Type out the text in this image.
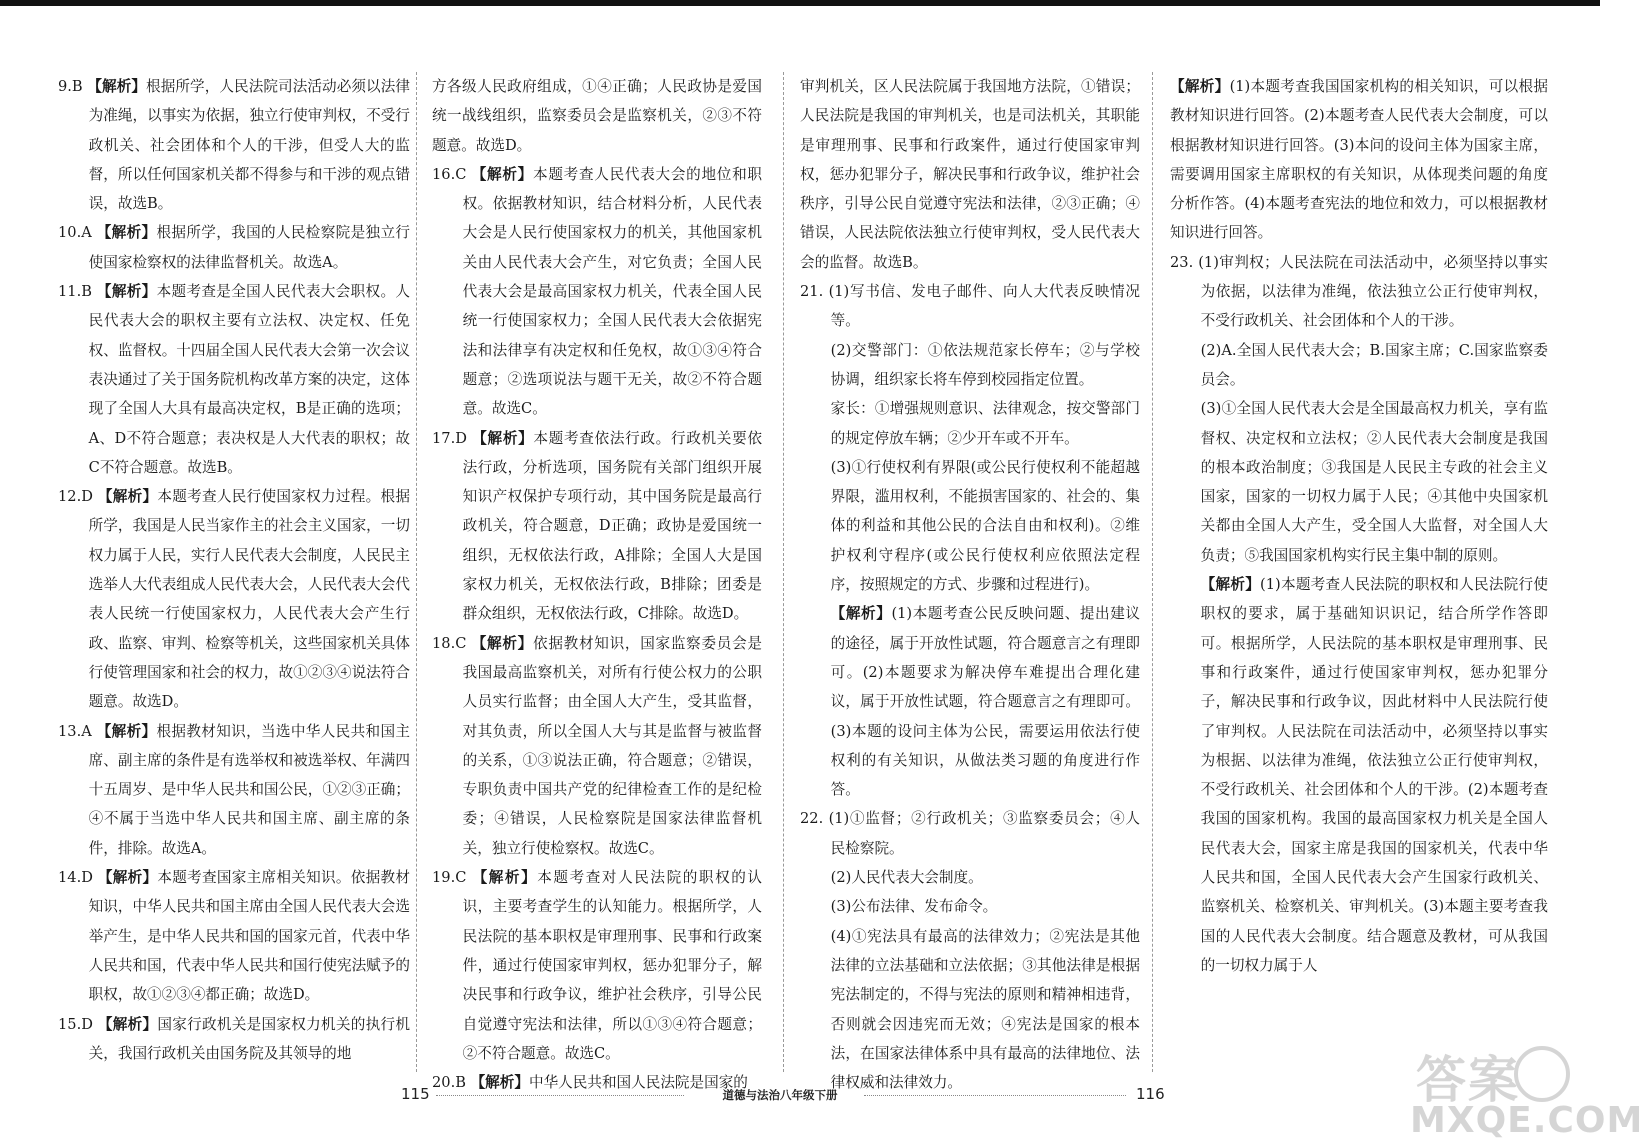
9.B 【解析】根据所学，人民法院司法活动必须以法律为准绳，以事实为依据，独立行使审判权，不受行政机关、社会团体和个人的干涉，但受人大的监督，所以任何国家机关都不得参与和干涉的观点错误，故选B。

10.A 【解析】根据所学，我国的人民检察院是独立行使国家检察权的法律监督机关。故选A。

11.B 【解析】本题考查是全国人民代表大会职权。人民代表大会的职权主要有立法权、决定权、任免权、监督权。十四届全国人民代表大会第一次会议表决通过了关于国务院机构改革方案的决定，这体现了全国人大具有最高决定权，B是正确的选项；A、D不符合题意；表决权是人大代表的职权；故C不符合题意。故选B。

12.D 【解析】本题考查人民行使国家权力过程。根据所学，我国是人民当家作主的社会主义国家，一切权力属于人民，实行人民代表大会制度，人民民主选举人大代表组成人民代表大会，人民代表大会代表人民统一行使国家权力，人民代表大会产生行政、监察、审判、检察等机关，这些国家机关具体行使管理国家和社会的权力，故①②③④说法符合题意。故选D。

13.A 【解析】根据教材知识，当选中华人民共和国主席、副主席的条件是有选举权和被选举权、年满四十五周岁、是中华人民共和国公民，①②③正确；④不属于当选中华人民共和国主席、副主席的条件，排除。故选A。

14.D 【解析】本题考查国家主席相关知识。依据教材知识，中华人民共和国主席由全国人民代表大会选举产生，是中华人民共和国的国家元首，代表中华人民共和国，代表中华人民共和国行使宪法赋予的职权，故①②③④都正确；故选D。

15.D 【解析】国家行政机关是国家权力机关的执行机关，我国行政机关由国务院及其领导的地

方各级人民政府组成，①④正确；人民政协是爱国统一战线组织，监察委员会是监察机关，②③不符题意。故选D。

16.C 【解析】本题考查人民代表大会的地位和职权。依据教材知识，结合材料分析，人民代表大会是人民行使国家权力的机关，其他国家机关由人民代表大会产生，对它负责；全国人民代表大会是最高国家权力机关，代表全国人民统一行使国家权力；全国人民代表大会依据宪法和法律享有决定权和任免权，故①③④符合题意；②选项说法与题干无关，故②不符合题意。故选C。

17.D 【解析】本题考查依法行政。行政机关要依法行政，分析选项，国务院有关部门组织开展知识产权保护专项行动，其中国务院是最高行政机关，符合题意，D正确；政协是爱国统一组织，无权依法行政，A排除；全国人大是国家权力机关，无权依法行政，B排除；团委是群众组织，无权依法行政，C排除。故选D。

18.C 【解析】依据教材知识，国家监察委员会是我国最高监察机关，对所有行使公权力的公职人员实行监督；由全国人大产生，受其监督，对其负责，所以全国人大与其是监督与被监督的关系，①③说法正确，符合题意；②错误，专职负责中国共产党的纪律检查工作的是纪检委；④错误，人民检察院是国家法律监督机关，独立行使检察权。故选C。

19.C 【解析】本题考查对人民法院的职权的认识，主要考查学生的认知能力。根据所学，人民法院的基本职权是审理刑事、民事和行政案件，通过行使国家审判权，惩办犯罪分子，解决民事和行政争议，维护社会秩序，引导公民自觉遵守宪法和法律，所以①③④符合题意；②不符合题意。故选C。

20.B 【解析】中华人民共和国人民法院是国家的

审判机关，区人民法院属于我国地方法院，①错误；人民法院是我国的审判机关，也是司法机关，其职能是审理刑事、民事和行政案件，通过行使国家审判权，惩办犯罪分子，解决民事和行政争议，维护社会秩序，引导公民自觉遵守宪法和法律，②③正确；④错误，人民法院依法独立行使审判权，受人民代表大会的监督。故选B。

21. (1)写书信、发电子邮件、向人大代表反映情况等。

(2)交警部门：①依法规范家长停车；②与学校协调，组织家长将车停到校园指定位置。

家长：①增强规则意识、法律观念，按交警部门的规定停放车辆；②少开车或不开车。

(3)①行使权利有界限(或公民行使权利不能超越界限，滥用权利，不能损害国家的、社会的、集体的利益和其他公民的合法自由和权利)。②维护权利守程序(或公民行使权利应依照法定程序，按照规定的方式、步骤和过程进行)。

【解析】(1)本题考查公民反映问题、提出建议的途径，属于开放性试题，符合题意言之有理即可。(2)本题要求为解决停车难提出合理化建议，属于开放性试题，符合题意言之有理即可。(3)本题的设问主体为公民，需要运用依法行使权利的有关知识，从做法类习题的角度进行作答。

22. (1)①监督；②行政机关；③监察委员会；④人民检察院。

(2)人民代表大会制度。

(3)公布法律、发布命令。

(4)①宪法具有最高的法律效力；②宪法是其他法律的立法基础和立法依据；③其他法律是根据宪法制定的，不得与宪法的原则和精神相违背，否则就会因违宪而无效；④宪法是国家的根本法，在国家法律体系中具有最高的法律地位、法律权威和法律效力。

【解析】(1)本题考查我国国家机构的相关知识，可以根据教材知识进行回答。(2)本题考查人民代表大会制度，可以根据教材知识进行回答。(3)本问的设问主体为国家主席，需要调用国家主席职权的有关知识，从体现类问题的角度分析作答。(4)本题考查宪法的地位和效力，可以根据教材知识进行回答。

23. (1)审判权；人民法院在司法活动中，必须坚持以事实为依据，以法律为准绳，依法独立公正行使审判权，不受行政机关、社会团体和个人的干涉。

(2)A.全国人民代表大会；B.国家主席；C.国家监察委员会。

(3)①全国人民代表大会是全国最高权力机关，享有监督权、决定权和立法权；②人民代表大会制度是我国的根本政治制度；③我国是人民民主专政的社会主义国家，国家的一切权力属于人民；④其他中央国家机关都由全国人大产生，受全国人大监督，对全国人大负责；⑤我国国家机构实行民主集中制的原则。

【解析】(1)本题考查人民法院的职权和人民法院行使职权的要求，属于基础知识识记，结合所学作答即可。根据所学，人民法院的基本职权是审理刑事、民事和行政案件，通过行使国家审判权，惩办犯罪分子，解决民事和行政争议，因此材料中人民法院行使了审判权。人民法院在司法活动中，必须坚持以事实为根据、以法律为准绳，依法独立公正行使审判权，不受行政机关、社会团体和个人的干涉。(2)本题考查我国的国家机构。我国的最高国家权力机关是全国人民代表大会，国家主席是我国的国家机关，代表中华人民共和国，全国人民代表大会产生国家行政机关、监察机关、检察机关、审判机关。(3)本题主要考查我国的人民代表大会制度。结合题意及教材，可从我国的一切权力属于人

115	道德与法治八年级下册	116	答案
MXQE.COM
